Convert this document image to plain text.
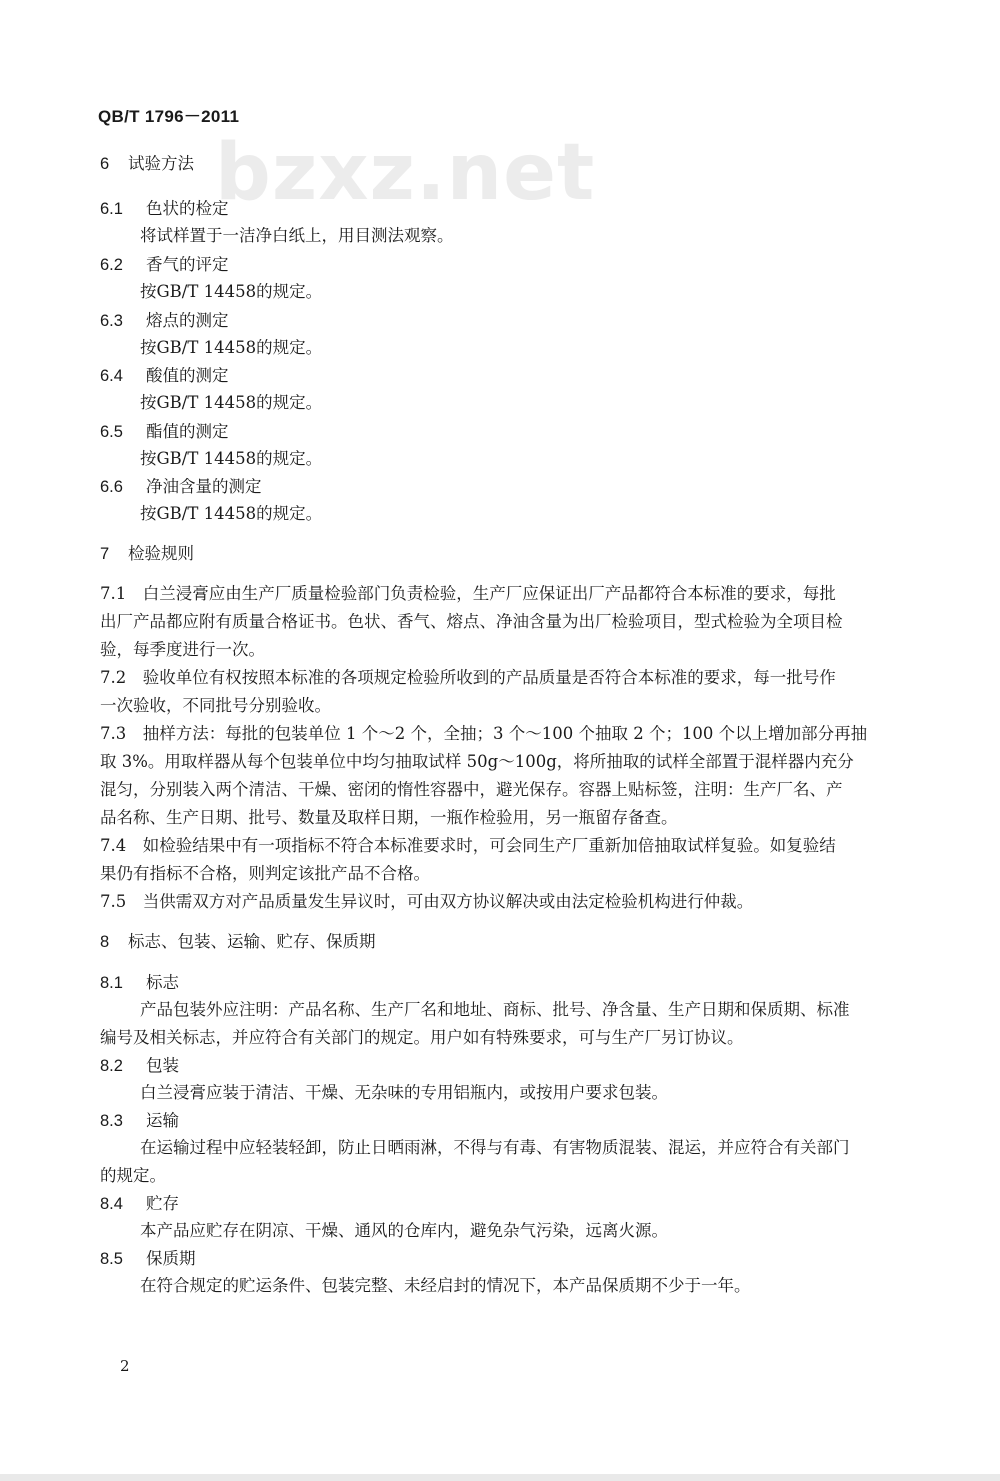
QB/T 1796－2011
bzxz.net
6 试验方法
6.1 色状的检定
将试样置于一洁净白纸上，用目测法观察。
6.2 香气的评定
按GB/T 14458的规定。
6.3 熔点的测定
按GB/T 14458的规定。
6.4 酸值的测定
按GB/T 14458的规定。
6.5 酯值的测定
按GB/T 14458的规定。
6.6 净油含量的测定
按GB/T 14458的规定。
7 检验规则
7.1　白兰浸膏应由生产厂质量检验部门负责检验，生产厂应保证出厂产品都符合本标准的要求，每批
出厂产品都应附有质量合格证书。色状、香气、熔点、净油含量为出厂检验项目，型式检验为全项目检
验，每季度进行一次。
7.2　验收单位有权按照本标准的各项规定检验所收到的产品质量是否符合本标准的要求，每一批号作
一次验收，不同批号分别验收。
7.3　抽样方法：每批的包装单位 1 个～2 个，全抽；3 个～100 个抽取 2 个；100 个以上增加部分再抽
取 3%。用取样器从每个包装单位中均匀抽取试样 50g～100g，将所抽取的试样全部置于混样器内充分
混匀，分别装入两个清洁、干燥、密闭的惰性容器中，避光保存。容器上贴标签，注明：生产厂名、产
品名称、生产日期、批号、数量及取样日期，一瓶作检验用，另一瓶留存备查。
7.4　如检验结果中有一项指标不符合本标准要求时，可会同生产厂重新加倍抽取试样复验。如复验结
果仍有指标不合格，则判定该批产品不合格。
7.5　当供需双方对产品质量发生异议时，可由双方协议解决或由法定检验机构进行仲裁。
8 标志、包装、运输、贮存、保质期
8.1 标志
产品包装外应注明：产品名称、生产厂名和地址、商标、批号、净含量、生产日期和保质期、标准
编号及相关标志，并应符合有关部门的规定。用户如有特殊要求，可与生产厂另订协议。
8.2 包装
白兰浸膏应装于清洁、干燥、无杂味的专用铝瓶内，或按用户要求包装。
8.3 运输
在运输过程中应轻装轻卸，防止日晒雨淋，不得与有毒、有害物质混装、混运，并应符合有关部门
的规定。
8.4 贮存
本产品应贮存在阴凉、干燥、通风的仓库内，避免杂气污染，远离火源。
8.5 保质期
在符合规定的贮运条件、包装完整、未经启封的情况下，本产品保质期不少于一年。
2
